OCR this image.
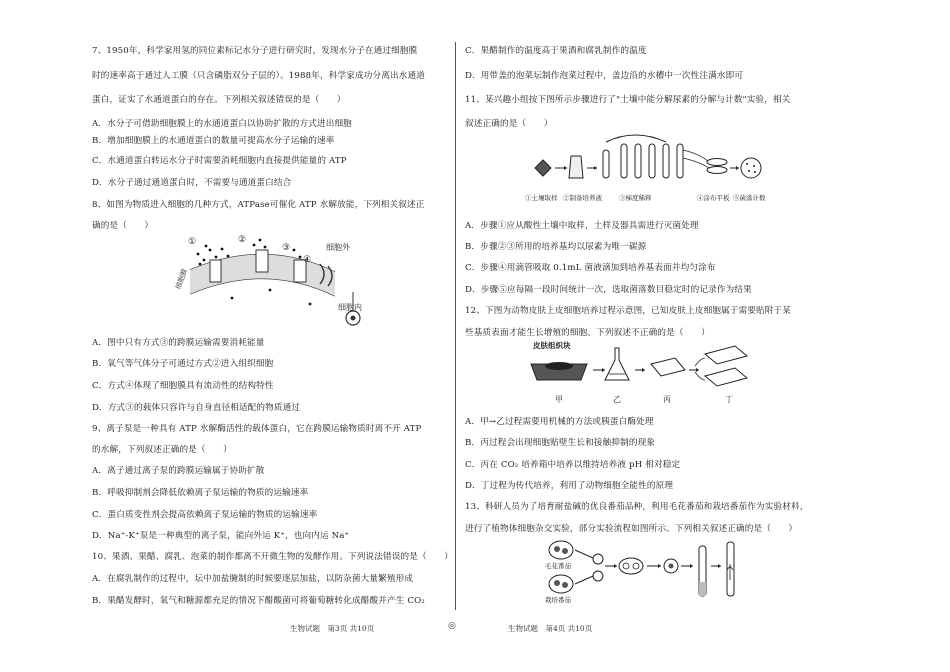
7、1950年，科学家用氢的同位素标记水分子进行研究时，发现水分子在通过细胞膜
时的速率高于通过人工膜（只含磷脂双分子层的）。1988年，科学家成功分离出水通道
蛋白，证实了水通道蛋白的存在。下列相关叙述错误的是（　　）
A．水分子可借助细胞膜上的水通道蛋白以协助扩散的方式进出细胞
B．增加细胞膜上的水通道蛋白的数量可提高水分子运输的速率
C．水通道蛋白转运水分子时需要消耗细胞内直接提供能量的 ATP
D．水分子通过通道蛋白时，不需要与通道蛋白结合
8、如图为物质进入细胞的几种方式，ATPase可催化 ATP 水解放能，下列相关叙述正
确的是（　　）
①	②
③
④
细胞外
细胞内
细胞膜
A．图中只有方式③的跨膜运输需要消耗能量
B．氧气等气体分子可通过方式②进入组织细胞
C．方式④体现了细胞膜具有流动性的结构特性
D．方式③的载体只容许与自身直径相适配的物质通过
9、离子泵是一种具有 ATP 水解酶活性的载体蛋白，它在跨膜运输物质时离不开 ATP
的水解，下列叙述正确的是（　　）
A．离子通过离子泵的跨膜运输属于协助扩散
B．呼吸抑制剂会降低依赖离子泵运输的物质的运输速率
C．蛋白质变性剂会提高依赖离子泵运输的物质的运输速率
D．Na⁺-K⁺泵是一种典型的离子泵，能向外运 K⁺，也向内运 Na⁺
10、果酒、果醋、腐乳、泡菜的制作都离不开微生物的发酵作用。下列说法错误的是（　　）
A．在腐乳制作的过程中，坛中加盐腌制的时候要逐层加盐，以防杂菌大量繁殖形成
B．果醋发酵时，氧气和糖源都充足的情况下醋酸菌可将葡萄糖转化成醋酸并产生 CO₂
C．果醋制作的温度高于果酒和腐乳制作的温度
D．用带盖的泡菜坛制作泡菜过程中，盖边沿的水槽中一次性注满水即可
11、某兴趣小组按下图所示步骤进行了"土壤中能分解尿素的分解与计数"实验，相关
叙述正确的是（　　）
①土壤取样 ②制备培养液	③梯度稀释	④涂布平板 ⑤菌落计数
A．步骤①应从酸性土壤中取样，土样及器具需进行灭菌处理
B．步骤②③所用的培养基均以尿素为唯一碳源
C．步骤④用滴管吸取 0.1mL 菌液滴加到培养基表面并均匀涂布
D．步骤⑤应每隔一段时间统计一次，选取菌落数目稳定时的记录作为结果
12、下图为动物皮肤上皮细胞培养过程示意图，已知皮肤上皮细胞属于需要贴附于某
些基质表面才能生长增殖的细胞。下列叙述不正确的是（　　）
皮肤组织块
甲	乙	丙	丁
A．甲→乙过程需要用机械的方法或胰蛋白酶处理
B．丙过程会出现细胞贴壁生长和接触抑制的现象
C．丙在 CO₂ 培养箱中培养以维持培养液 pH 相对稳定
D．丁过程为传代培养，利用了动物细胞全能性的原理
13、科研人员为了培育耐盐碱的优良番茄品种，利用毛花番茄和栽培番茄作为实验材料，
进行了植物体细胞杂交实验，部分实验流程如图所示。下列相关叙述正确的是（　　）
毛花番茄
栽培番茄
生物试题　第3页 共10页	◎	生物试题　第4页 共10页
